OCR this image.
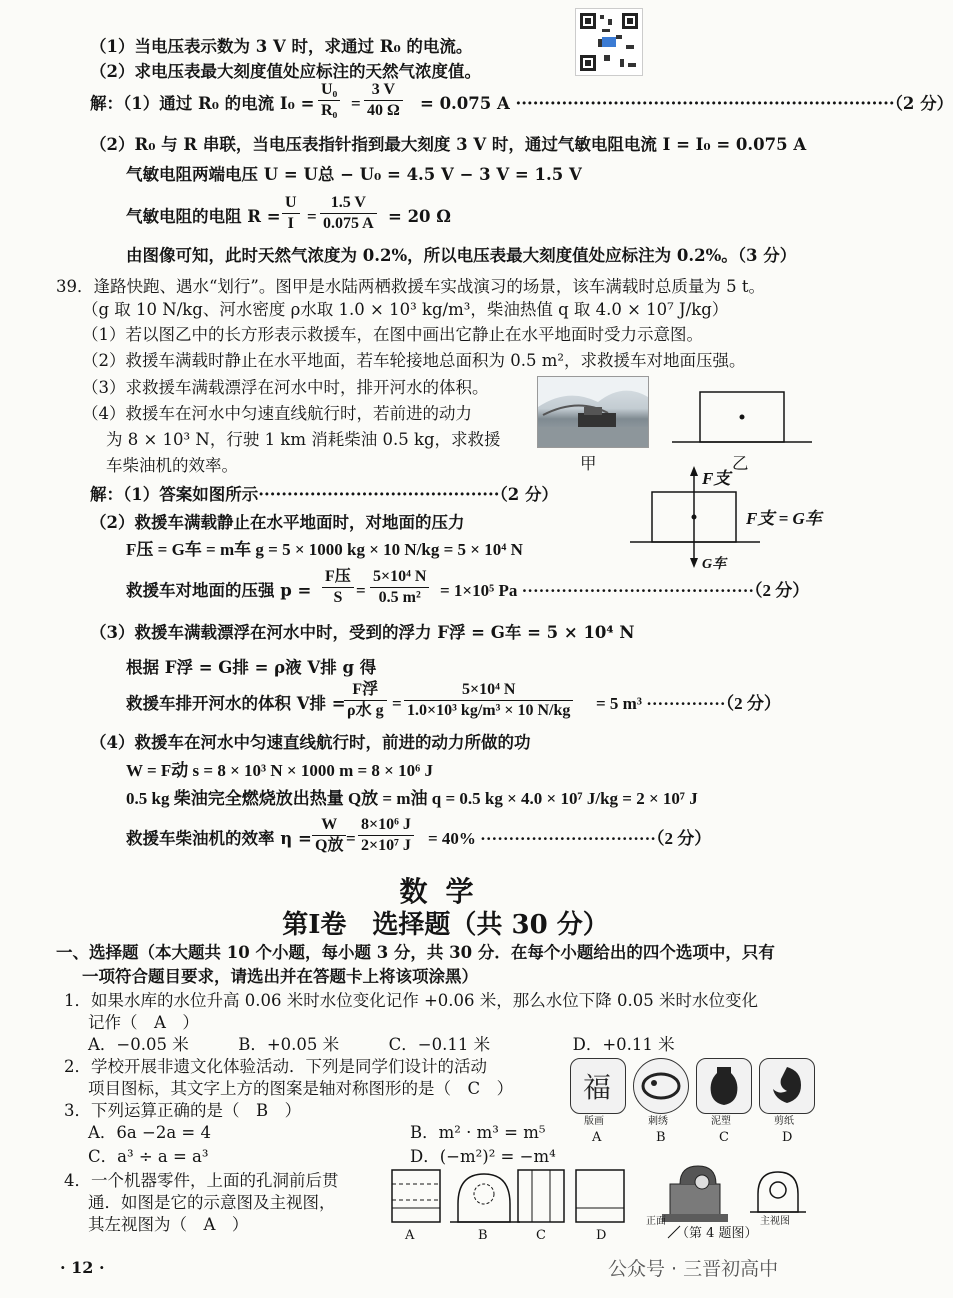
（1）当电压表示数为 3 V 时，求通过 R₀ 的电流。
（2）求电压表最大刻度值处应标注的天然气浓度值。
解：（1）通过 R₀ 的电流 $I_0 = \frac{\text{U₀}}{\text{R₀}} = \frac{3 V}{40 \Omega} = 0.075$ A ··································································（2 分）
（2）R₀ 与 R 串联，当电压表指针指到最大刻度 3 V 时，通过气敏电阻电流 I = I₀ = 0.075 A
气敏电阻两端电压 U = U总 − U₀ = 4.5 V − 3 V = 1.5 V
气敏电阻的电阻 $R = \frac{U}{I} = \frac{1.5 V}{0.075 A} = 20$ Ω
由图像可知，此时天然气浓度为 0.2%，所以电压表最大刻度值处应标注为 0.2%。（3 分）
39．逢路快跑、遇水“划行”。图甲是水陆两栖救援车实战演习的场景，该车满载时总质量为 5 t。
（g 取 10 N/kg、河水密度 ρ水取 1.0 × 10³ kg/m³，柴油热值 q 取 4.0 × 10⁷ J/kg）
（1）若以图乙中的长方形表示救援车，在图中画出它静止在水平地面时受力示意图。
（2）救援车满载时静止在水平地面，若车轮接地总面积为 0.5 m²，求救援车对地面压强。
（3）求救援车满载漂浮在河水中时，排开河水的体积。
（4）救援车在河水中匀速直线航行时，若前进的动力
为 8 × 10³ N，行驶 1 km 消耗柴油 0.5 kg，求救援
车柴油机的效率。	甲	乙
F支
F支 = G车
G车
解：（1）答案如图所示··········································（2 分）
（2）救援车满载静止在水平地面时，对地面的压力
F压 = G车 = m车 g = 5 × 1000 kg × 10 N/kg = 5 × 10⁴ N
救援车对地面的压强 p =
F压
$S = \frac{\text{5×10⁴ N}}{\text{0.5 m²}} = 1\times 10^5$ Pa ·········································（2 分）
（3）救援车满载漂浮在河水中时，受到的浮力 F浮 = G车 = 5 × 10⁴ N
根据 F浮 = G排 = ρ液 V排 g 得
救援车排开河水的体积 V排 =
F浮
ρ水 $g = \frac{\text{5×10⁴ N}}{\text{1.0×10³ kg/m³ × 10 N/kg}} = 5$ m³ ··············（2 分）
（4）救援车在河水中匀速直线航行时，前进的动力所做的功
W = F动 s = 8 × 10³ N × 1000 m = 8 × 10⁶ J
0.5 kg 柴油完全燃烧放出热量 Q放 = m油 q = 0.5 kg × 4.0 × 10⁷ J/kg = 2 × 10⁷ J
救援车柴油机的效率 η =
W
Q放 = $\frac{\text{8×10⁶ J}}{\text{2×10⁷ J}} = 40\% \cdot\cdot\cdot\cdot\cdot\cdot\cdot\cdot\cdot\cdot\cdot\cdot\cdot\cdot\cdot\cdot\cdot\cdot\cdot\cdot\cdot\cdot\cdot\cdot\cdot\cdot\cdot\cdot\cdot\cdot\cdot(2$ 分）
数学
第Ⅰ卷　选择题（共 30 分）
一、选择题（本大题共 10 个小题，每小题 3 分，共 30 分．在每个小题给出的四个选项中，只有
一项符合题目要求，请选出并在答题卡上将该项涂黑）
1．如果水库的水位升高 0.06 米时水位变化记作 +0.06 米，那么水位下降 0.05 米时水位变化
记作（　A　）
A．−0.05 米　　　B．+0.05 米　　　C．−0.11 米　　　　　D．+0.11 米
2．学校开展非遗文化体验活动．下列是同学们设计的活动
项目图标，其文字上方的图案是轴对称图形的是（　C　） 福
版画	刺绣	泥塑	剪纸
A	B	C	D
3．下列运算正确的是（　B　）
A．6a −2a = 4	B．m² · m³ = m⁵
C．a³ ÷ a = a³	D．(−m²)² = −m⁴
4．一个机器零件，上面的孔洞前后贯
通．如图是它的示意图及主视图，
其左视图为（　A　）
A	B	C	D
正面	主视图
（第 4 题图）
· 12 ·	公众号 · 三晋初高中
